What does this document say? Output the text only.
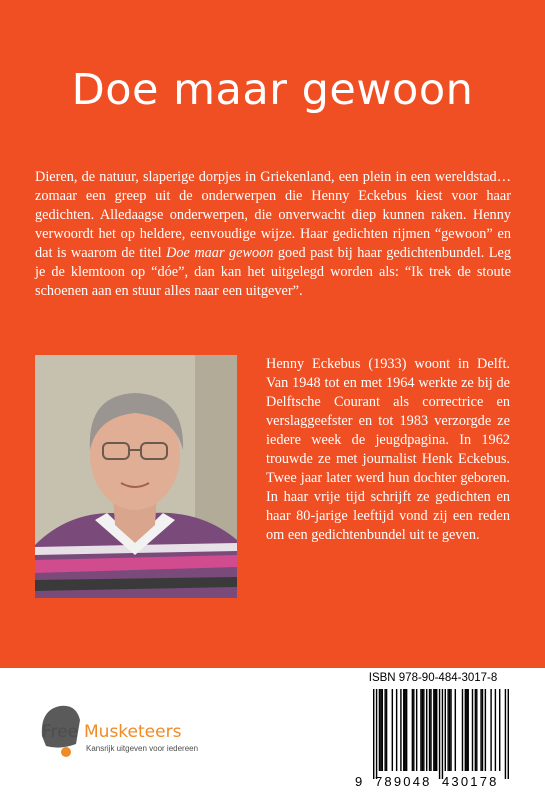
Doe maar gewoon

Dieren, de natuur, slaperige dorpjes in Griekenland, een plein in een wereldstad… zomaar een greep uit de onderwerpen die Henny Eckebus kiest voor haar gedichten. Alledaagse onderwerpen, die onverwacht diep kunnen raken. Henny verwoordt het op heldere, eenvoudige wijze. Haar gedichten rijmen “gewoon” en dat is waarom de titel Doe maar gewoon goed past bij haar gedichtenbundel. Leg je de klemtoon op “dóe”, dan kan het uitgelegd worden als: “Ik trek de stoute schoenen aan en stuur alles naar een uitgever”.

Henny Eckebus (1933) woont in Delft. Van 1948 tot en met 1964 werkte ze bij de Delftsche Courant als correctrice en verslaggeefster en tot 1983 verzorgde ze iedere week de jeugdpagina. In 1962 trouwde ze met journalist Henk Eckebus. Twee jaar later werd hun dochter geboren. In haar vrije tijd schrijft ze gedichten en haar 80-jarige leeftijd vond zij een reden om een gedichtenbundel uit te geven.

Free Musketeers
Kansrijk uitgeven voor iedereen
ISBN 978-90-484-3017-8
9 789048 430178
